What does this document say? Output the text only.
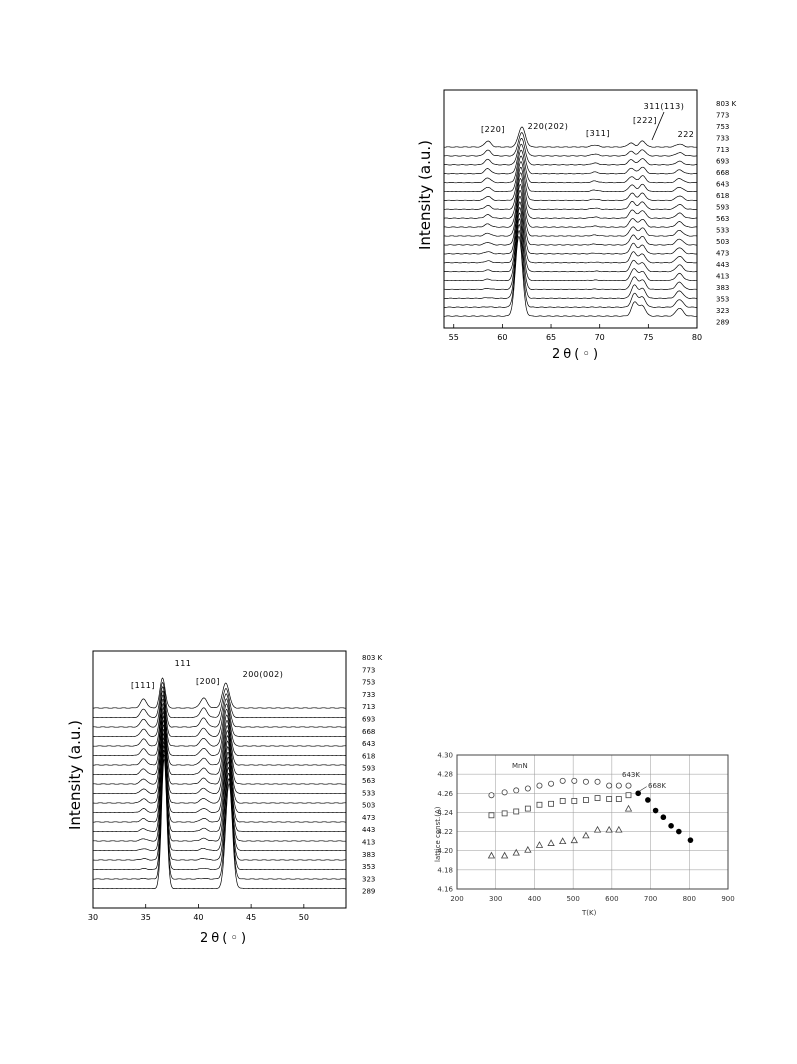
55	60	65	70	75	80
803 K
773
753
733
713
693
668
643
618
593
563
533
503
473
443
413
383
353
323
289
[220]	220(202)
[311]
[222]
311(113)
222
Intensity (a.u.)
2θ(◦)
30	35	40	45	50
803 K
773
753
733
713
693
668
643
618
593
563
533
503
473
443
413
383
353
323
289
[111]
111
[200]
200(002)
Intensity (a.u.)
2θ(◦)
200	300	400	500	600	700	800	900
4.16
4.18
4.20
4.22
4.24
4.26
4.28
4.30
MnN
643K
668K
lattice const.(A)
T(K)
